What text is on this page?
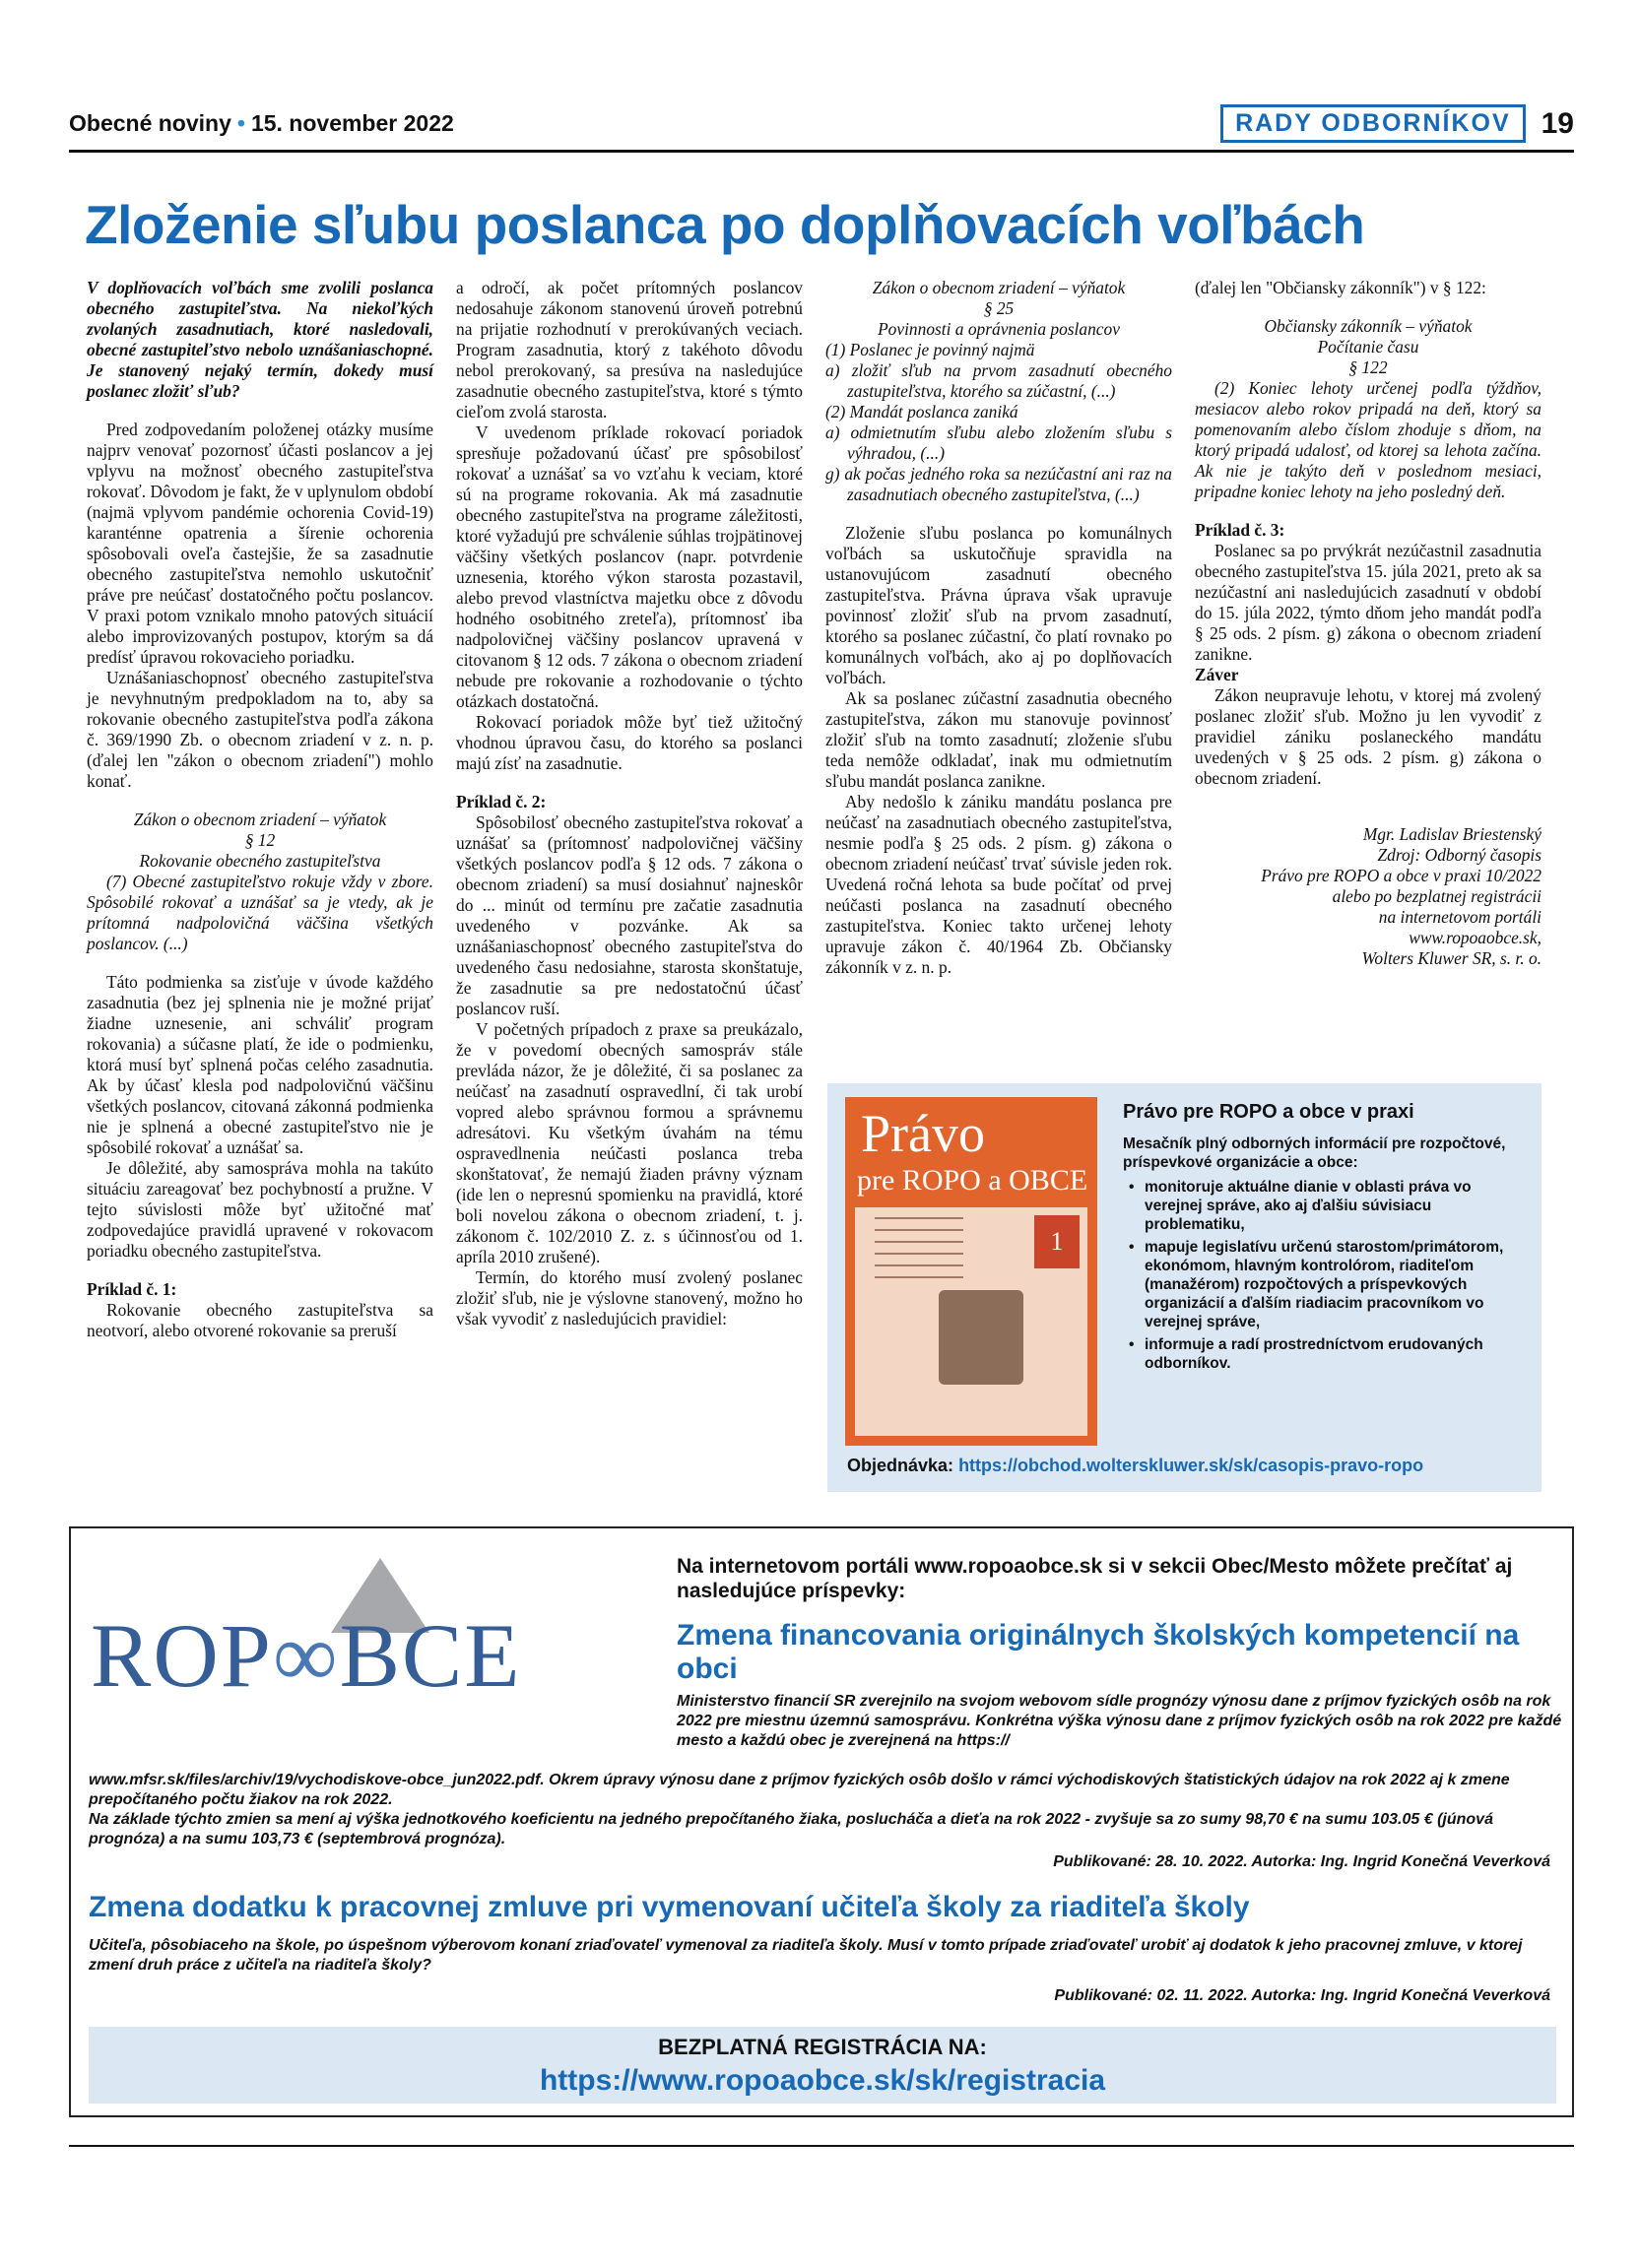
Obecné noviny • 15. november 2022	RADY ODBORNÍKOV	19
Zloženie sľubu poslanca po doplňovacích voľbách

V doplňovacích voľbách sme zvolili poslanca obecného zastupiteľstva. Na niekoľkých zvolaných zasadnutiach, ktoré nasledovali, obecné zastupiteľstvo nebolo uznášaniaschopné. Je stanovený nejaký termín, dokedy musí poslanec zložiť sľub?

Pred zodpovedaním položenej otázky musíme najprv venovať pozornosť účasti poslancov a jej vplyvu na možnosť obecného zastupiteľstva rokovať. Dôvodom je fakt, že v uplynulom období (najmä vplyvom pandémie ochorenia Covid-19) karanténne opatrenia a šírenie ochorenia spôsobovali oveľa častejšie, že sa zasadnutie obecného zastupiteľstva nemohlo uskutočniť práve pre neúčasť dostatočného počtu poslancov. V praxi potom vznikalo mnoho patových situácií alebo improvizovaných postupov, ktorým sa dá predísť úpravou rokovacieho poriadku.

Uznášaniaschopnosť obecného zastupiteľstva je nevyhnutným predpokladom na to, aby sa rokovanie obecného zastupiteľstva podľa zákona č. 369/1990 Zb. o obecnom zriadení v z. n. p. (ďalej len "zákon o obecnom zriadení") mohlo konať.

Zákon o obecnom zriadení – výňatok

§ 12

Rokovanie obecného zastupiteľstva

(7) Obecné zastupiteľstvo rokuje vždy v zbore. Spôsobilé rokovať a uznášať sa je vtedy, ak je prítomná nadpolovičná väčšina všetkých poslancov. (...)

Táto podmienka sa zisťuje v úvode každého zasadnutia (bez jej splnenia nie je možné prijať žiadne uznesenie, ani schváliť program rokovania) a súčasne platí, že ide o podmienku, ktorá musí byť splnená počas celého zasadnutia. Ak by účasť klesla pod nadpolovičnú väčšinu všetkých poslancov, citovaná zákonná podmienka nie je splnená a obecné zastupiteľstvo nie je spôsobilé rokovať a uznášať sa.

Je dôležité, aby samospráva mohla na takúto situáciu zareagovať bez pochybností a pružne. V tejto súvislosti môže byť užitočné mať zodpovedajúce pravidlá upravené v rokovacom poriadku obecného zastupiteľstva.

Príklad č. 1:

Rokovanie obecného zastupiteľstva sa neotvorí, alebo otvorené rokovanie sa preruší

a odročí, ak počet prítomných poslancov nedosahuje zákonom stanovenú úroveň potrebnú na prijatie rozhodnutí v prerokúvaných veciach. Program zasadnutia, ktorý z takéhoto dôvodu nebol prerokovaný, sa presúva na nasledujúce zasadnutie obecného zastupiteľstva, ktoré s týmto cieľom zvolá starosta.

V uvedenom príklade rokovací poriadok spresňuje požadovanú účasť pre spôsobilosť rokovať a uznášať sa vo vzťahu k veciam, ktoré sú na programe rokovania. Ak má zasadnutie obecného zastupiteľstva na programe záležitosti, ktoré vyžadujú pre schválenie súhlas trojpätinovej väčšiny všetkých poslancov (napr. potvrdenie uznesenia, ktorého výkon starosta pozastavil, alebo prevod vlastníctva majetku obce z dôvodu hodného osobitného zreteľa), prítomnosť iba nadpolovičnej väčšiny poslancov upravená v citovanom § 12 ods. 7 zákona o obecnom zriadení nebude pre rokovanie a rozhodovanie o týchto otázkach dostatočná.

Rokovací poriadok môže byť tiež užitočný vhodnou úpravou času, do ktorého sa poslanci majú zísť na zasadnutie.

Príklad č. 2:

Spôsobilosť obecného zastupiteľstva rokovať a uznášať sa (prítomnosť nadpolovičnej väčšiny všetkých poslancov podľa § 12 ods. 7 zákona o obecnom zriadení) sa musí dosiahnuť najneskôr do ... minút od termínu pre začatie zasadnutia uvedeného v pozvánke. Ak sa uznášaniaschopnosť obecného zastupiteľstva do uvedeného času nedosiahne, starosta skonštatuje, že zasadnutie sa pre nedostatočnú účasť poslancov ruší.

V početných prípadoch z praxe sa preukázalo, že v povedomí obecných samospráv stále prevláda názor, že je dôležité, či sa poslanec za neúčasť na zasadnutí ospravedlní, či tak urobí vopred alebo správnou formou a správnemu adresátovi. Ku všetkým úvahám na tému ospravedlnenia neúčasti poslanca treba skonštatovať, že nemajú žiaden právny význam (ide len o nepresnú spomienku na pravidlá, ktoré boli novelou zákona o obecnom zriadení, t. j. zákonom č. 102/2010 Z. z. s účinnosťou od 1. apríla 2010 zrušené).

Termín, do ktorého musí zvolený poslanec zložiť sľub, nie je výslovne stanovený, možno ho však vyvodiť z nasledujúcich pravidiel:

Zákon o obecnom zriadení – výňatok

§ 25

Povinnosti a oprávnenia poslancov

(1) Poslanec je povinný najmä

a) zložiť sľub na prvom zasadnutí obecného zastupiteľstva, ktorého sa zúčastní, (...)

(2) Mandát poslanca zaniká

a) odmietnutím sľubu alebo zložením sľubu s výhradou, (...)

g) ak počas jedného roka sa nezúčastní ani raz na zasadnutiach obecného zastupiteľstva, (...)

Zloženie sľubu poslanca po komunálnych voľbách sa uskutočňuje spravidla na ustanovujúcom zasadnutí obecného zastupiteľstva. Právna úprava však upravuje povinnosť zložiť sľub na prvom zasadnutí, ktorého sa poslanec zúčastní, čo platí rovnako po komunálnych voľbách, ako aj po doplňovacích voľbách.

Ak sa poslanec zúčastní zasadnutia obecného zastupiteľstva, zákon mu stanovuje povinnosť zložiť sľub na tomto zasadnutí; zloženie sľubu teda nemôže odkladať, inak mu odmietnutím sľubu mandát poslanca zanikne.

Aby nedošlo k zániku mandátu poslanca pre neúčasť na zasadnutiach obecného zastupiteľstva, nesmie podľa § 25 ods. 2 písm. g) zákona o obecnom zriadení neúčasť trvať súvisle jeden rok. Uvedená ročná lehota sa bude počítať od prvej neúčasti poslanca na zasadnutí obecného zastupiteľstva. Koniec takto určenej lehoty upravuje zákon č. 40/1964 Zb. Občiansky zákonník v z. n. p.

(ďalej len "Občiansky zákonník") v § 122:

Občiansky zákonník – výňatok

Počítanie času

§ 122

(2) Koniec lehoty určenej podľa týždňov, mesiacov alebo rokov pripadá na deň, ktorý sa pomenovaním alebo číslom zhoduje s dňom, na ktorý pripadá udalosť, od ktorej sa lehota začína. Ak nie je takýto deň v poslednom mesiaci, pripadne koniec lehoty na jeho posledný deň.

Príklad č. 3:

Poslanec sa po prvýkrát nezúčastnil zasadnutia obecného zastupiteľstva 15. júla 2021, preto ak sa nezúčastní ani nasledujúcich zasadnutí v období do 15. júla 2022, týmto dňom jeho mandát podľa § 25 ods. 2 písm. g) zákona o obecnom zriadení zanikne.

Záver

Zákon neupravuje lehotu, v ktorej má zvolený poslanec zložiť sľub. Možno ju len vyvodiť z pravidiel zániku poslaneckého mandátu uvedených v § 25 ods. 2 písm. g) zákona o obecnom zriadení.

Mgr. Ladislav Briestenský

Zdroj: Odborný časopis

Právo pre ROPO a obce v praxi 10/2022

alebo po bezplatnej registrácii

na internetovom portáli

www.ropoaobce.sk,

Wolters Kluwer SR, s. r. o.

Právo
pre ROPO a OBCE
1
Právo pre ROPO a obce v praxi
Mesačník plný odborných informácií pre rozpočtové, príspevkové organizácie a obce:
• monitoruje aktuálne dianie v oblasti práva vo verejnej správe, ako aj ďalšiu súvisiacu problematiku,
• mapuje legislatívu určenú starostom/primátorom, ekonómom, hlavným kontrolórom, riaditeľom (manažérom) rozpočtových a príspevkových organizácií a ďalším riadiacim pracovníkom vo verejnej správe,
• informuje a radí prostredníctvom erudovaných odborníkov.
Objednávka: https://obchod.wolterskluwer.sk/sk/casopis-pravo-ropo
ROP∞BCE
Na internetovom portáli www.ropoaobce.sk si v sekcii Obec/Mesto môžete prečítať aj nasledujúce príspevky:
Zmena financovania originálnych školských kompetencií na obci
Ministerstvo financií SR zverejnilo na svojom webovom sídle prognózy výnosu dane z príjmov fyzických osôb na rok 2022 pre miestnu územnú samosprávu. Konkrétna výška výnosu dane z príjmov fyzických osôb na rok 2022 pre každé mesto a každú obec je zverejnená na https://
www.mfsr.sk/files/archiv/19/vychodiskove-obce_jun2022.pdf. Okrem úpravy výnosu dane z príjmov fyzických osôb došlo v rámci východiskových štatistických údajov na rok 2022 aj k zmene prepočítaného počtu žiakov na rok 2022.
Na základe týchto zmien sa mení aj výška jednotkového koeficientu na jedného prepočítaného žiaka, poslucháča a dieťa na rok 2022 - zvyšuje sa zo sumy 98,70 € na sumu 103.05 € (júnová prognóza) a na sumu 103,73 € (septembrová prognóza).
Publikované: 28. 10. 2022. Autorka: Ing. Ingrid Konečná Veverková
Zmena dodatku k pracovnej zmluve pri vymenovaní učiteľa školy za riaditeľa školy
Učiteľa, pôsobiaceho na škole, po úspešnom výberovom konaní zriaďovateľ vymenoval za riaditeľa školy. Musí v tomto prípade zriaďovateľ urobiť aj dodatok k jeho pracovnej zmluve, v ktorej zmení druh práce z učiteľa na riaditeľa školy?
Publikované: 02. 11. 2022. Autorka: Ing. Ingrid Konečná Veverková
BEZPLATNÁ REGISTRÁCIA NA:
https://www.ropoaobce.sk/sk/registracia
